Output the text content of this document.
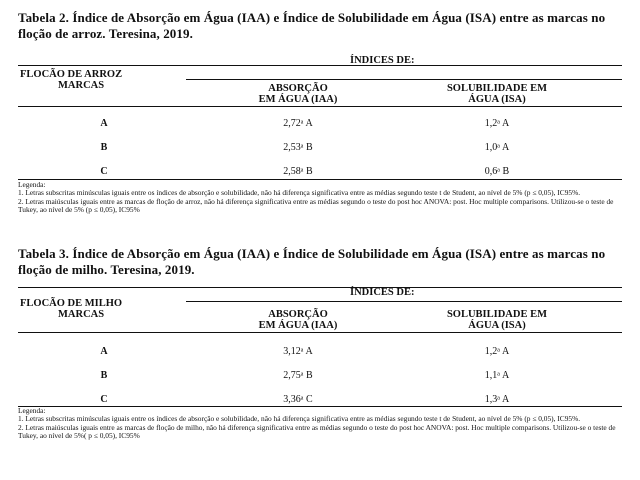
Tabela 2. Índice de Absorção em Água (IAA) e Índice de Solubilidade em Água (ISA) entre as marcas no floção de arroz. Teresina, 2019.
ÍNDICES DE:
FLOCÃO DE ARROZ
MARCAS	ABSORÇÃO
EM ÁGUA (IAA)
SOLUBILIDADE EM
ÁGUA (ISA)
A	2,72ᵃ A	1,2ᵃ A
B	2,53ᵃ B	1,0ᵃ A
C	2,58ᵃ B	0,6ᵃ B

Legenda:

1. Letras subscritas minúsculas iguais entre os índices de absorção e solubilidade, não há diferença significativa entre as médias segundo teste t de Student, ao nível de 5% (p ≤ 0,05), IC95%.

2. Letras maiúsculas iguais entre as marcas de floção de arroz, não há diferença significativa entre as médias segundo o teste do post hoc ANOVA: post. Hoc multiple comparisons. Utilizou-se o teste de Tukey, ao nível de 5% (p ≤ 0,05), IC95%

Tabela 3. Índice de Absorção em Água (IAA) e Índice de Solubilidade em Água (ISA) entre as marcas no floção de milho. Teresina, 2019.
ÍNDICES DE:
FLOCÃO DE MILHO
MARCAS	ABSORÇÃO
EM ÁGUA (IAA)
SOLUBILIDADE EM
ÁGUA (ISA)
A	3,12ᵃ A	1,2ᵃ A
B	2,75ᵃ B	1,1ᵃ A
C	3,36ᵃ C	1,3ᵃ A

Legenda:

1. Letras subscritas minúsculas iguais entre os índices de absorção e solubilidade, não há diferença significativa entre as médias segundo teste t de Student, ao nível de 5% (p ≤ 0,05), IC95%.

2. Letras maiúsculas iguais entre as marcas de floção de milho, não há diferença significativa entre as médias segundo o teste do post hoc ANOVA: post. Hoc multiple comparisons. Utilizou-se o teste de Tukey, ao nível de 5%( p ≤ 0,05), IC95%
